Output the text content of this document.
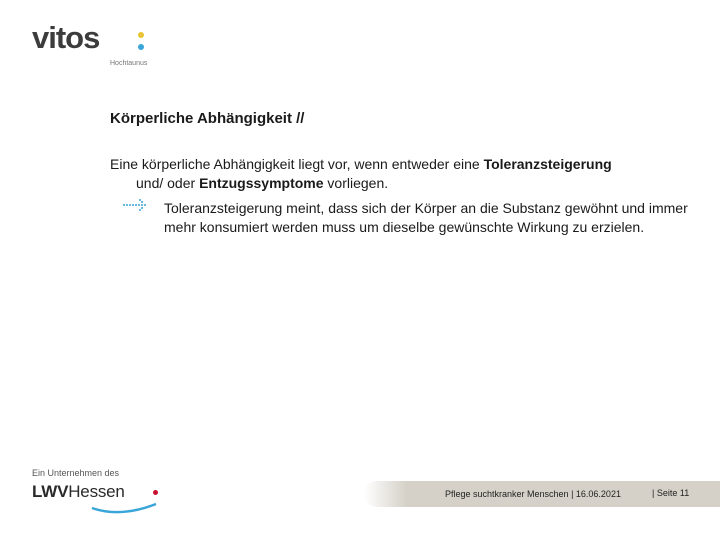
vitos
Hochtaunus
Körperliche Abhängigkeit //
Eine körperliche Abhängigkeit liegt vor, wenn entweder eine Toleranzsteigerung
und/ oder Entzugssymptome vorliegen.
Toleranzsteigerung meint, dass sich der Körper an die Substanz gewöhnt und immer mehr konsumiert werden muss um dieselbe gewünschte Wirkung zu erzielen.
Ein Unternehmen des
LWVHessen	Pflege suchtkranker Menschen | 16.06.2021	| Seite 11
